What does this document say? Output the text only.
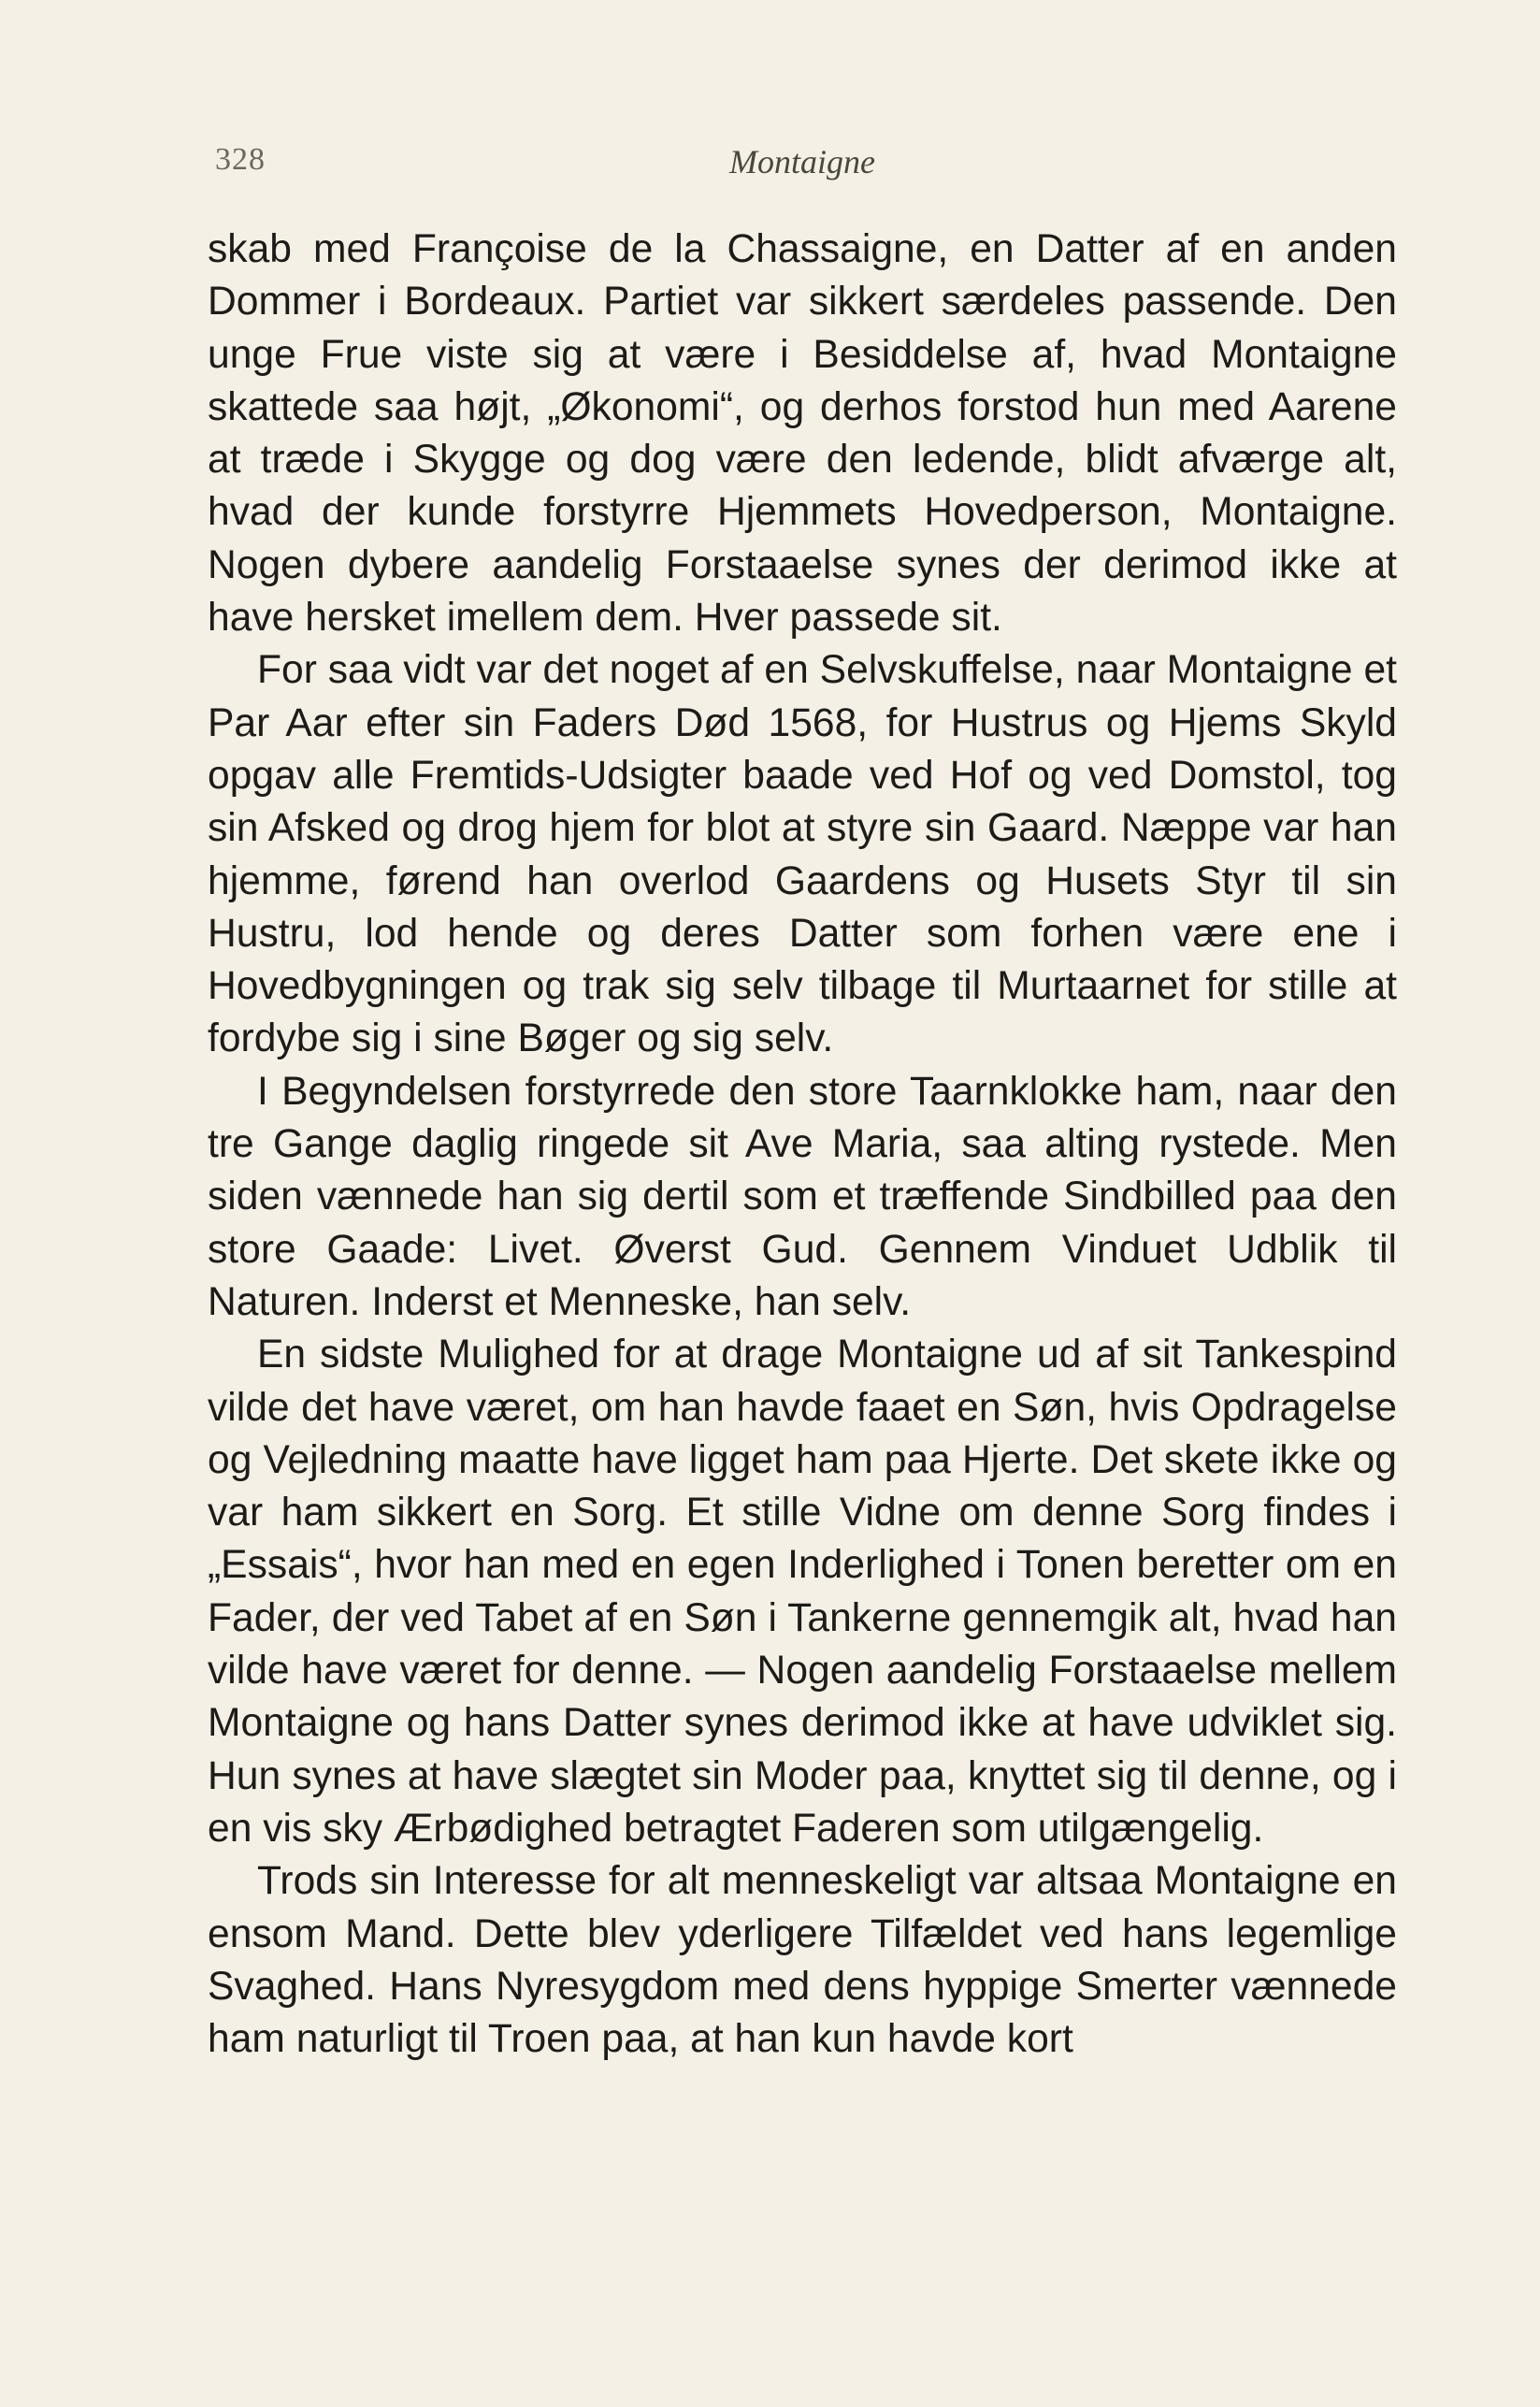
328	Montaigne

skab med Françoise de la Chassaigne, en Datter af en anden Dommer i Bordeaux. Partiet var sikkert særdeles passende. Den unge Frue viste sig at være i Besiddelse af, hvad Montaigne skattede saa højt, „Økonomi“, og derhos forstod hun med Aarene at træde i Skygge og dog være den ledende, blidt afværge alt, hvad der kunde forstyrre Hjemmets Hovedperson, Montaigne. Nogen dybere aandelig Forstaaelse synes der derimod ikke at have hersket imellem dem. Hver passede sit.

For saa vidt var det noget af en Selvskuffelse, naar Montaigne et Par Aar efter sin Faders Død 1568, for Hustrus og Hjems Skyld opgav alle Fremtids-Udsigter baade ved Hof og ved Domstol, tog sin Afsked og drog hjem for blot at styre sin Gaard. Næppe var han hjemme, førend han overlod Gaardens og Husets Styr til sin Hustru, lod hende og deres Datter som forhen være ene i Hovedbygningen og trak sig selv tilbage til Murtaarnet for stille at fordybe sig i sine Bøger og sig selv.

I Begyndelsen forstyrrede den store Taarnklokke ham, naar den tre Gange daglig ringede sit Ave Maria, saa alting rystede. Men siden vænnede han sig dertil som et træffende Sindbilled paa den store Gaade: Livet. Øverst Gud. Gennem Vinduet Udblik til Naturen. Inderst et Menneske, han selv.

En sidste Mulighed for at drage Montaigne ud af sit Tankespind vilde det have været, om han havde faaet en Søn, hvis Opdragelse og Vejledning maatte have ligget ham paa Hjerte. Det skete ikke og var ham sikkert en Sorg. Et stille Vidne om denne Sorg findes i „Essais“, hvor han med en egen Inderlighed i Tonen beretter om en Fader, der ved Tabet af en Søn i Tankerne gennemgik alt, hvad han vilde have været for denne. — Nogen aandelig Forstaaelse mellem Montaigne og hans Datter synes derimod ikke at have udviklet sig. Hun synes at have slægtet sin Moder paa, knyttet sig til denne, og i en vis sky Ærbødighed betragtet Faderen som utilgængelig.

Trods sin Interesse for alt menneskeligt var altsaa Montaigne en ensom Mand. Dette blev yderligere Tilfældet ved hans legemlige Svaghed. Hans Nyresygdom med dens hyppige Smerter vænnede ham naturligt til Troen paa, at han kun havde kort
